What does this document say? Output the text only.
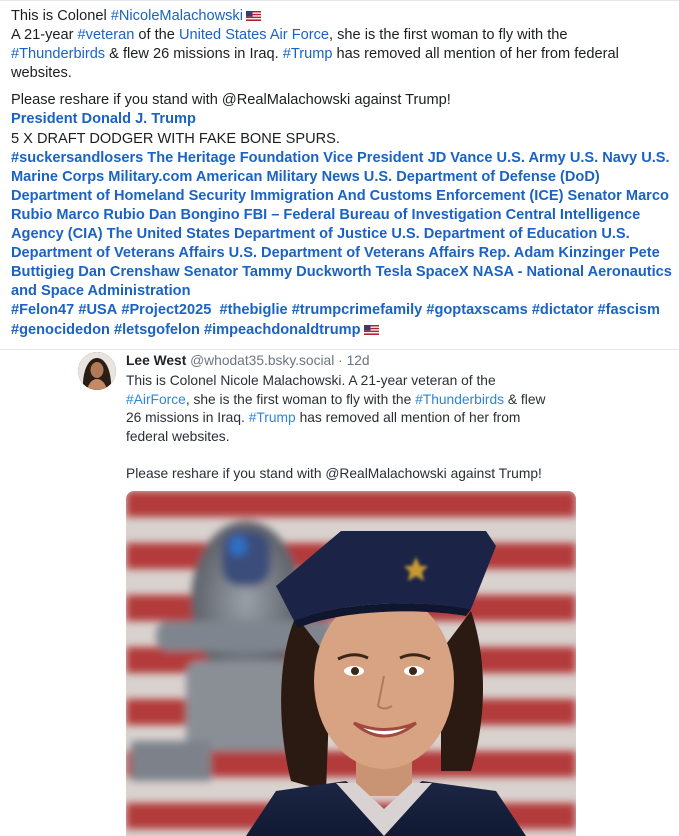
This is Colonel #NicoleMalachowski

A 21-year #veteran of the United States Air Force, she is the first woman to fly with the

#Thunderbirds & flew 26 missions in Iraq. #Trump has removed all mention of her from federal

websites.

Please reshare if you stand with @RealMalachowski against Trump!

President Donald J. Trump

5 X DRAFT DODGER WITH FAKE BONE SPURS.

#suckersandlosers The Heritage Foundation Vice President JD Vance U.S. Army U.S. Navy U.S. Marine Corps Military.com American Military News U.S. Department of Defense (DoD) Department of Homeland Security Immigration And Customs Enforcement (ICE) Senator Marco Rubio Marco Rubio Dan Bongino FBI – Federal Bureau of Investigation Central Intelligence Agency (CIA) The United States Department of Justice U.S. Department of Education U.S. Department of Veterans Affairs U.S. Department of Veterans Affairs Rep. Adam Kinzinger Pete Buttigieg Dan Crenshaw Senator Tammy Duckworth Tesla SpaceX NASA - National Aeronautics and Space Administration

#Felon47 #USA #Project2025 #thebiglie #trumpcrimefamily #goptaxscams #dictator #fascism #genocidedon #letsgofelon #impeachdonaldtrump

Lee West @whodat35.bsky.social · 12d

This is Colonel Nicole Malachowski. A 21-year veteran of the

#AirForce, she is the first woman to fly with the #Thunderbirds & flew

26 missions in Iraq. #Trump has removed all mention of her from

federal websites.

Please reshare if you stand with @RealMalachowski against Trump!
